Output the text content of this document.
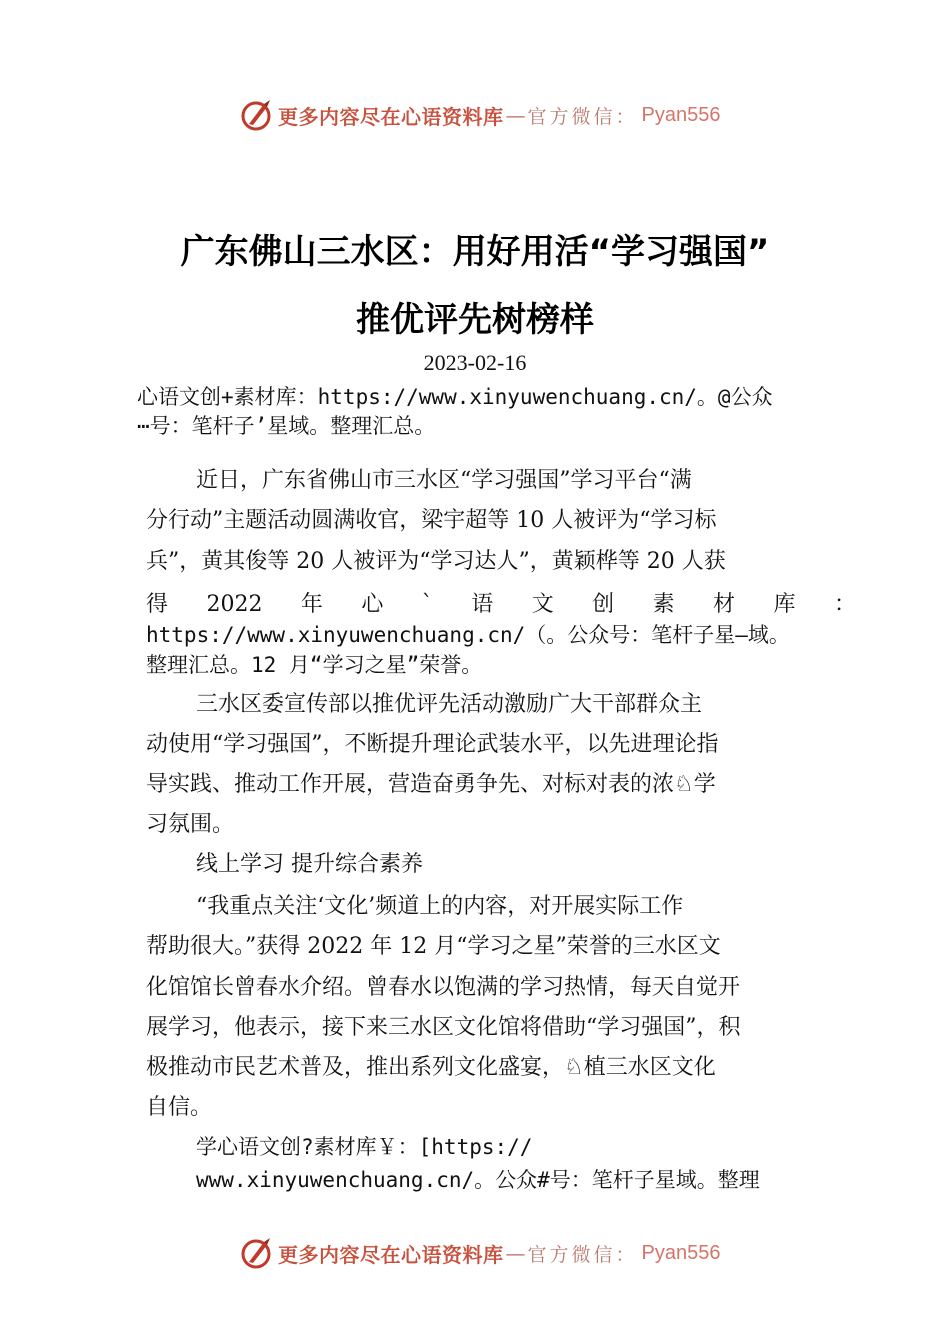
更多内容尽在心语资料库 — 官方微信： Pyan556
广东佛山三水区：用好用活“学习强国”
推优评先树榜样
2023-02-16
心语文创+素材库：https://www.xinyuwenchuang.cn/。@公众
⋯号：笔杆子’星域。整理汇总。
近日，广东省佛山市三水区“学习强国”学习平台“满
分行动”主题活动圆满收官，梁宇超等 10 人被评为“学习标
兵”，黄其俊等 20 人被评为“学习达人”，黄颖桦等 20 人获
得 2022 年 心 ` 语 文 创 素 材 库 ：
https://www.xinyuwenchuang.cn/（。公众号：笔杆子星—域。
整理汇总。12 月“学习之星”荣誉。
三水区委宣传部以推优评先活动激励广大干部群众主
动使用“学习强国”，不断提升理论武装水平，以先进理论指
导实践、推动工作开展，营造奋勇争先、对标对表的浓♘学
习氛围。
线上学习 提升综合素养
“我重点关注‘文化’频道上的内容，对开展实际工作
帮助很大。”获得 2022 年 12 月“学习之星”荣誉的三水区文
化馆馆长曾春水介绍。曾春水以饱满的学习热情，每天自觉开
展学习，他表示，接下来三水区文化馆将借助“学习强国”，积
极推动市民艺术普及，推出系列文化盛宴，♘植三水区文化
自信。
学心语文创?素材库￥：[https://
www.xinyuwenchuang.cn/。公众#号：笔杆子星域。整理
更多内容尽在心语资料库 — 官方微信： Pyan556
